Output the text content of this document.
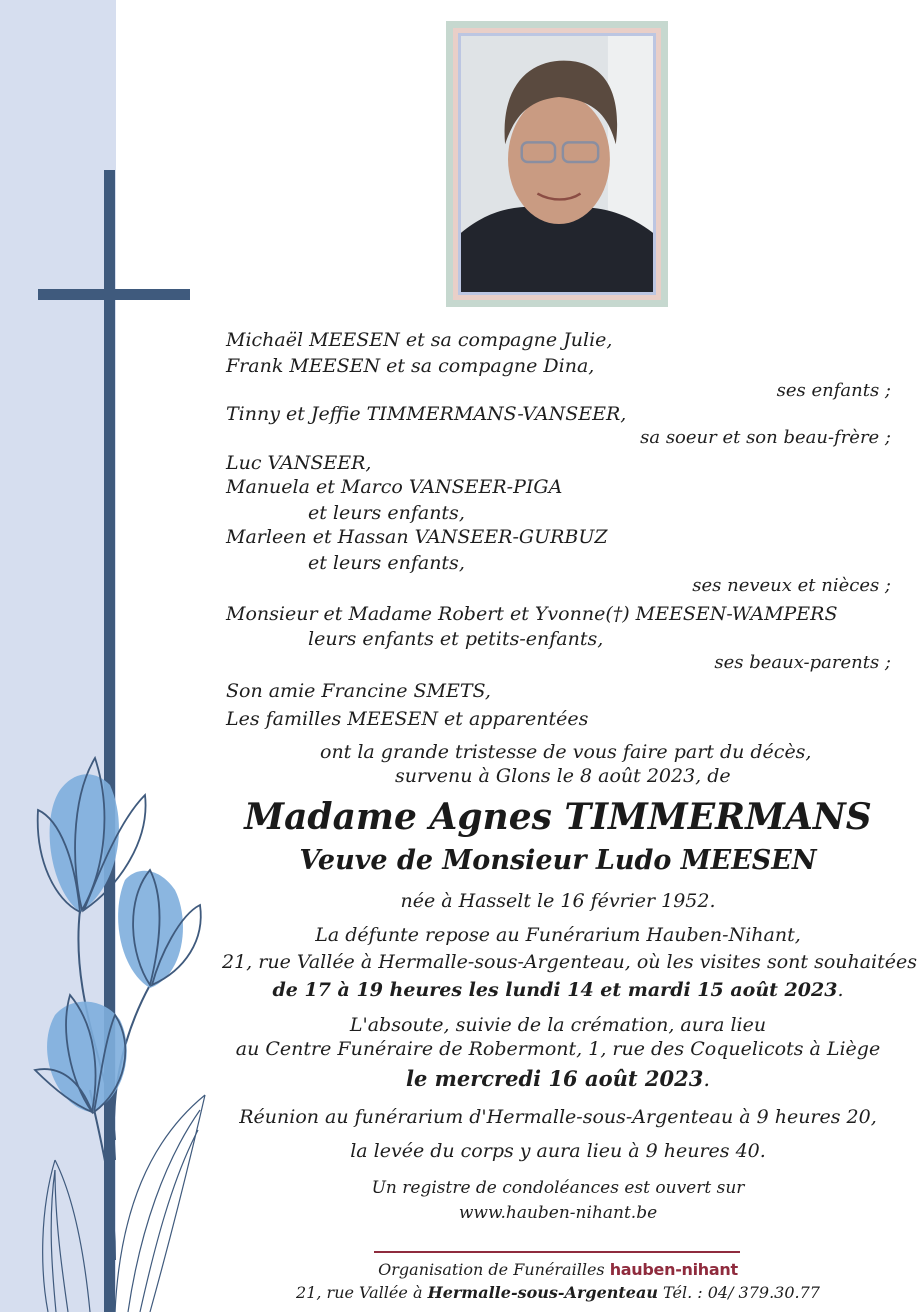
Michaël MEESEN et sa compagne Julie,
Frank MEESEN et sa compagne Dina,
ses enfants ;
Tinny et Jeffie TIMMERMANS-VANSEER,
sa soeur et son beau-frère ;
Luc VANSEER,
Manuela et Marco VANSEER-PIGA
et leurs enfants,
Marleen et Hassan VANSEER-GURBUZ
et leurs enfants,
ses neveux et nièces ;
Monsieur et Madame Robert et Yvonne(†) MEESEN-WAMPERS
leurs enfants et petits-enfants,
ses beaux-parents ;
Son amie Francine SMETS,
Les familles MEESEN et apparentées
ont la grande tristesse de vous faire part du décès,
survenu à Glons le 8 août 2023, de
Madame Agnes TIMMERMANS
Veuve de Monsieur Ludo MEESEN
née à Hasselt le 16 février 1952.
La défunte repose au Funérarium Hauben-Nihant,
21, rue Vallée à Hermalle-sous-Argenteau, où les visites sont souhaitées
de 17 à 19 heures les lundi 14 et mardi 15 août 2023.
L'absoute, suivie de la crémation, aura lieu
au Centre Funéraire de Robermont, 1, rue des Coquelicots à Liège
le mercredi 16 août 2023.
Réunion au funérarium d'Hermalle-sous-Argenteau à 9 heures 20,
la levée du corps y aura lieu à 9 heures 40.
Un registre de condoléances est ouvert sur
www.hauben-nihant.be
Organisation de Funérailles hauben-nihant
21, rue Vallée à Hermalle-sous-Argenteau Tél. : 04/ 379.30.77
